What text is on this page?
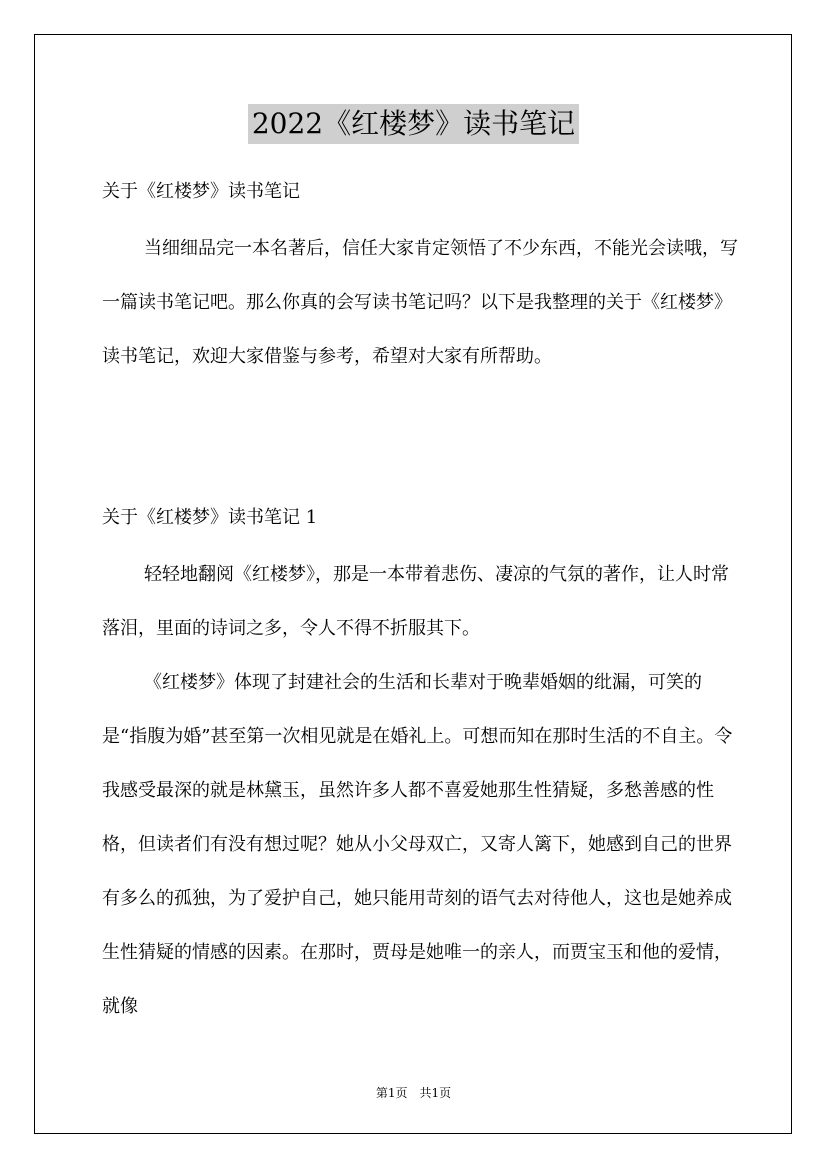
2022《红楼梦》读书笔记
关于《红楼梦》读书笔记
当细细品完一本名著后，信任大家肯定领悟了不少东西，不能光会读哦，写一篇读书笔记吧。那么你真的会写读书笔记吗？以下是我整理的关于《红楼梦》读书笔记，欢迎大家借鉴与参考，希望对大家有所帮助。
关于《红楼梦》读书笔记 1
轻轻地翻阅《红楼梦》，那是一本带着悲伤、凄凉的气氛的著作，让人时常落泪，里面的诗词之多，令人不得不折服其下。
《红楼梦》体现了封建社会的生活和长辈对于晚辈婚姻的纰漏，可笑的是“指腹为婚”甚至第一次相见就是在婚礼上。可想而知在那时生活的不自主。令我感受最深的就是林黛玉，虽然许多人都不喜爱她那生性猜疑，多愁善感的性格，但读者们有没有想过呢？她从小父母双亡，又寄人篱下，她感到自己的世界有多么的孤独，为了爱护自己，她只能用苛刻的语气去对待他人，这也是她养成生性猜疑的情感的因素。在那时，贾母是她唯一的亲人，而贾宝玉和他的爱情，就像
第1页　共1页
